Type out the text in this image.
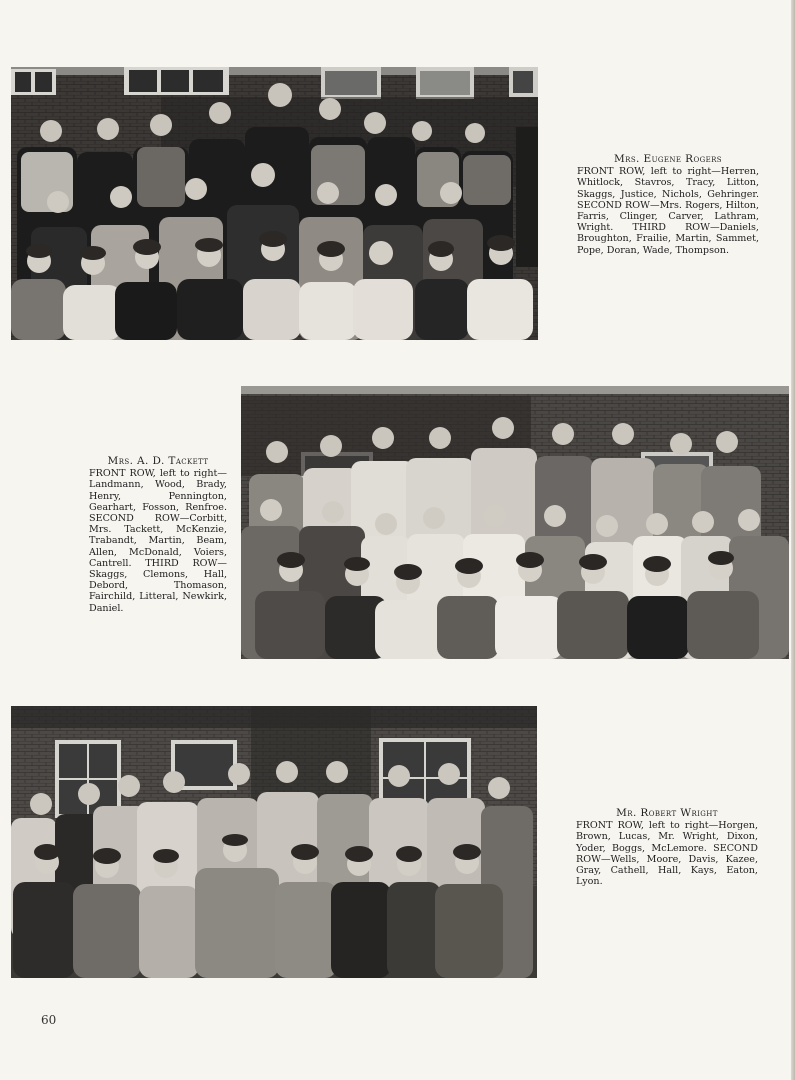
Mrs. Eugene Rogers
FRONT ROW, left to right—Herren, Whitlock, Stavros, Tracy, Litton, Skaggs, Justice, Nichols, Gehringer. SECOND ROW—Mrs. Rogers, Hilton, Farris, Clinger, Carver, Lathram, Wright. THIRD ROW—Daniels, Broughton, Frailie, Martin, Sammet, Pope, Doran, Wade, Thompson.
Mrs. A. D. Tackett
FRONT ROW, left to right—Landmann, Wood, Brady, Henry, Pennington, Gearhart, Fosson, Renfroe. SECOND ROW—Corbitt, Mrs. Tackett, McKenzie, Trabandt, Martin, Beam, Allen, McDonald, Voiers, Cantrell. THIRD ROW—Skaggs, Clemons, Hall, Debord, Thomason, Fairchild, Litteral, Newkirk, Daniel.
Mr. Robert Wright
FRONT ROW, left to right—Horgen, Brown, Lucas, Mr. Wright, Dixon, Yoder, Boggs, McLemore. SECOND ROW—Wells, Moore, Davis, Kazee, Gray, Cathell, Hall, Kays, Eaton, Lyon.
60
